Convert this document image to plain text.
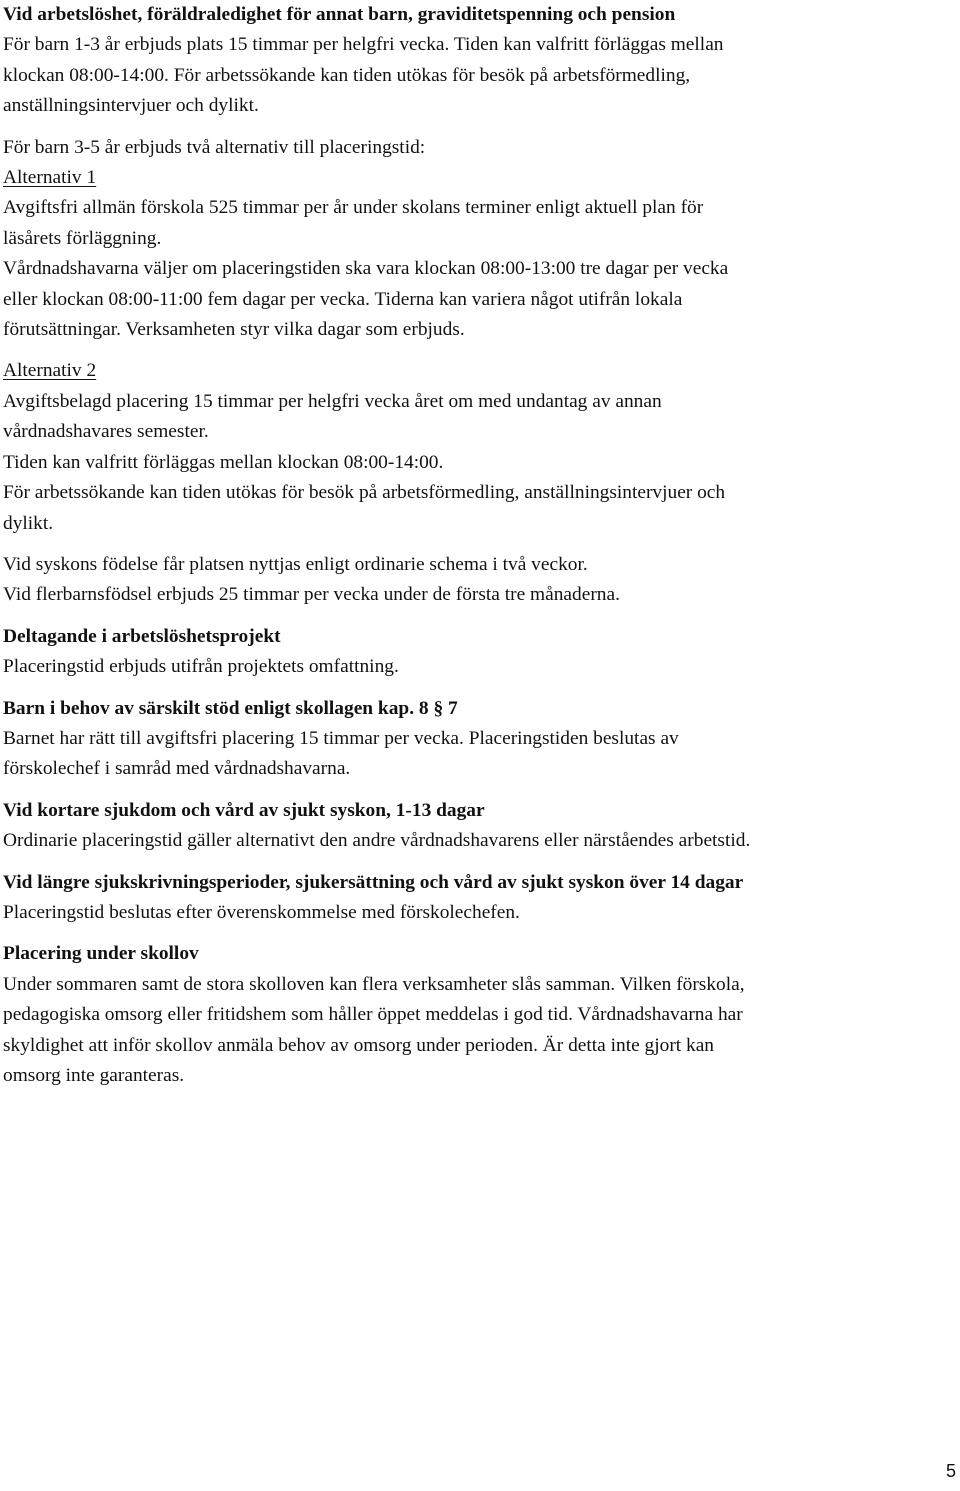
Vid arbetslöshet, föräldraledighet för annat barn, graviditetspenning och pension
För barn 1-3 år erbjuds plats 15 timmar per helgfri vecka. Tiden kan valfritt förläggas mellan
klockan 08:00-14:00. För arbetssökande kan tiden utökas för besök på arbetsförmedling,
anställningsintervjuer och dylikt.
För barn 3-5 år erbjuds två alternativ till placeringstid:
Alternativ 1
Avgiftsfri allmän förskola 525 timmar per år under skolans terminer enligt aktuell plan för
läsårets förläggning.
Vårdnadshavarna väljer om placeringstiden ska vara klockan 08:00-13:00 tre dagar per vecka
eller klockan 08:00-11:00 fem dagar per vecka. Tiderna kan variera något utifrån lokala
förutsättningar. Verksamheten styr vilka dagar som erbjuds.
Alternativ 2
Avgiftsbelagd placering 15 timmar per helgfri vecka året om med undantag av annan
vårdnadshavares semester.
Tiden kan valfritt förläggas mellan klockan 08:00-14:00.
För arbetssökande kan tiden utökas för besök på arbetsförmedling, anställningsintervjuer och
dylikt.
Vid syskons födelse får platsen nyttjas enligt ordinarie schema i två veckor.
Vid flerbarnsfödsel erbjuds 25 timmar per vecka under de första tre månaderna.
Deltagande i arbetslöshetsprojekt
Placeringstid erbjuds utifrån projektets omfattning.
Barn i behov av särskilt stöd enligt skollagen kap. 8 § 7
Barnet har rätt till avgiftsfri placering 15 timmar per vecka. Placeringstiden beslutas av
förskolechef i samråd med vårdnadshavarna.
Vid kortare sjukdom och vård av sjukt syskon, 1-13 dagar
Ordinarie placeringstid gäller alternativt den andre vårdnadshavarens eller närståendes arbetstid.
Vid längre sjukskrivningsperioder, sjukersättning och vård av sjukt syskon över 14 dagar
Placeringstid beslutas efter överenskommelse med förskolechefen.
Placering under skollov
Under sommaren samt de stora skolloven kan flera verksamheter slås samman. Vilken förskola,
pedagogiska omsorg eller fritidshem som håller öppet meddelas i god tid. Vårdnadshavarna har
skyldighet att inför skollov anmäla behov av omsorg under perioden. Är detta inte gjort kan
omsorg inte garanteras.
5
